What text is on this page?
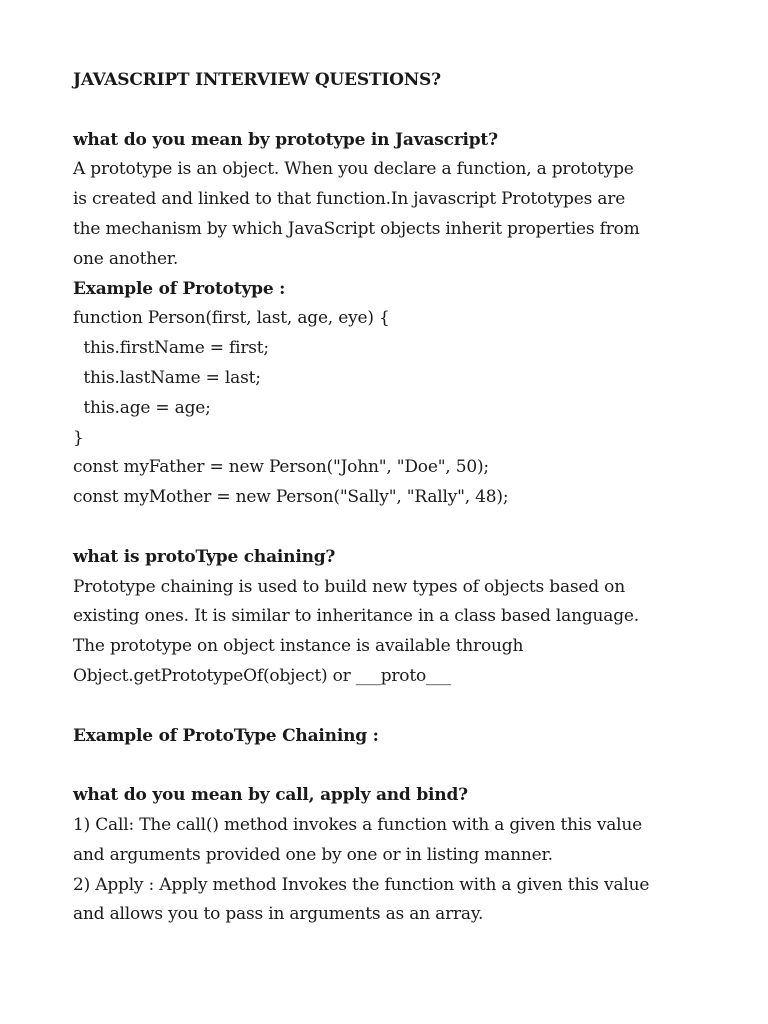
JAVASCRIPT INTERVIEW QUESTIONS?
what do you mean by prototype in Javascript?
A prototype is an object. When you declare a function, a prototype
is created and linked to that function.In javascript Prototypes are
the mechanism by which JavaScript objects inherit properties from
one another.
Example of Prototype :
function Person(first, last, age, eye) {
this.firstName = first;
this.lastName = last;
this.age = age;
}
const myFather = new Person("John", "Doe", 50);
const myMother = new Person("Sally", "Rally", 48);
what is protoType chaining?
Prototype chaining is used to build new types of objects based on
existing ones. It is similar to inheritance in a class based language.
The prototype on object instance is available through
Object.getPrototypeOf(object) or ___proto___
Example of ProtoType Chaining :
what do you mean by call, apply and bind?
1) Call: The call() method invokes a function with a given this value
and arguments provided one by one or in listing manner.
2) Apply : Apply method Invokes the function with a given this value
and allows you to pass in arguments as an array.
